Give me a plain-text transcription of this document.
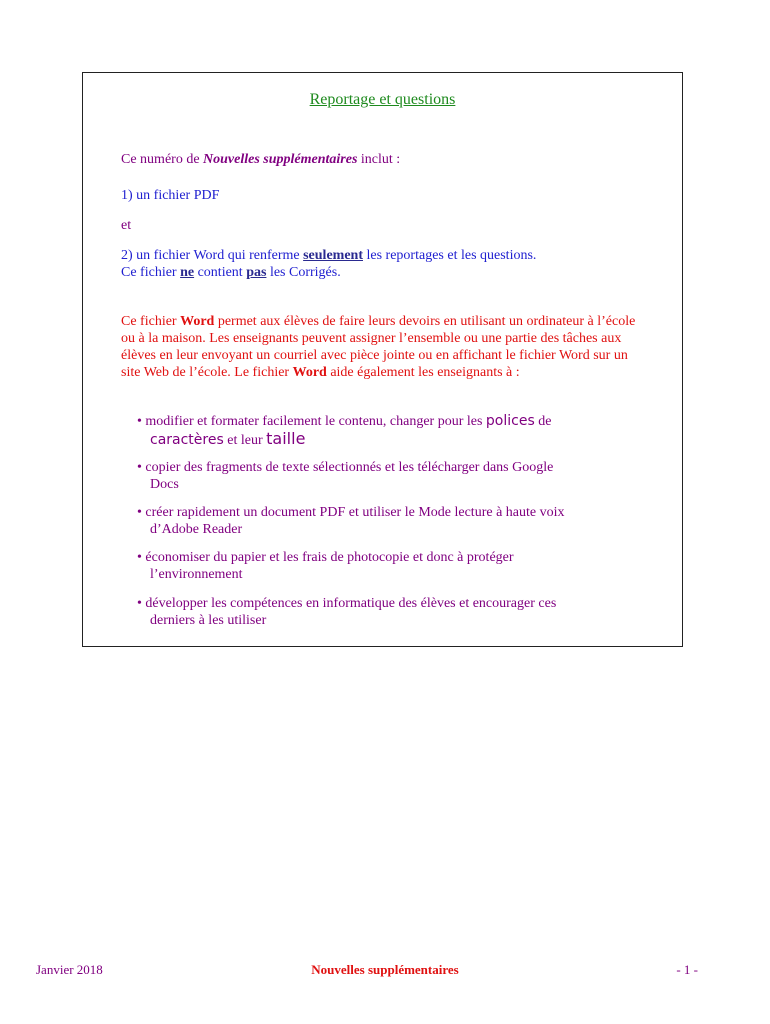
Reportage et questions

Ce numéro de Nouvelles supplémentaires inclut :

1) un fichier PDF

et

2) un fichier Word qui renferme seulement les reportages et les questions.
Ce fichier ne contient pas les Corrigés.

Ce fichier Word permet aux élèves de faire leurs devoirs en utilisant un ordinateur à l’école ou à la maison. Les enseignants peuvent assigner l’ensemble ou une partie des tâches aux élèves en leur envoyant un courriel avec pièce jointe ou en affichant le fichier Word sur un site Web de l’école. Le fichier Word aide également les enseignants à :

• modifier et formater facilement le contenu, changer pour les polices de
caractères et leur taille
• copier des fragments de texte sélectionnés et les télécharger dans Google
Docs
• créer rapidement un document PDF et utiliser le Mode lecture à haute voix
d’Adobe Reader
• économiser du papier et les frais de photocopie et donc à protéger
l’environnement
• développer les compétences en informatique des élèves et encourager ces
derniers à les utiliser
Janvier 2018	Nouvelles supplémentaires	- 1 -
